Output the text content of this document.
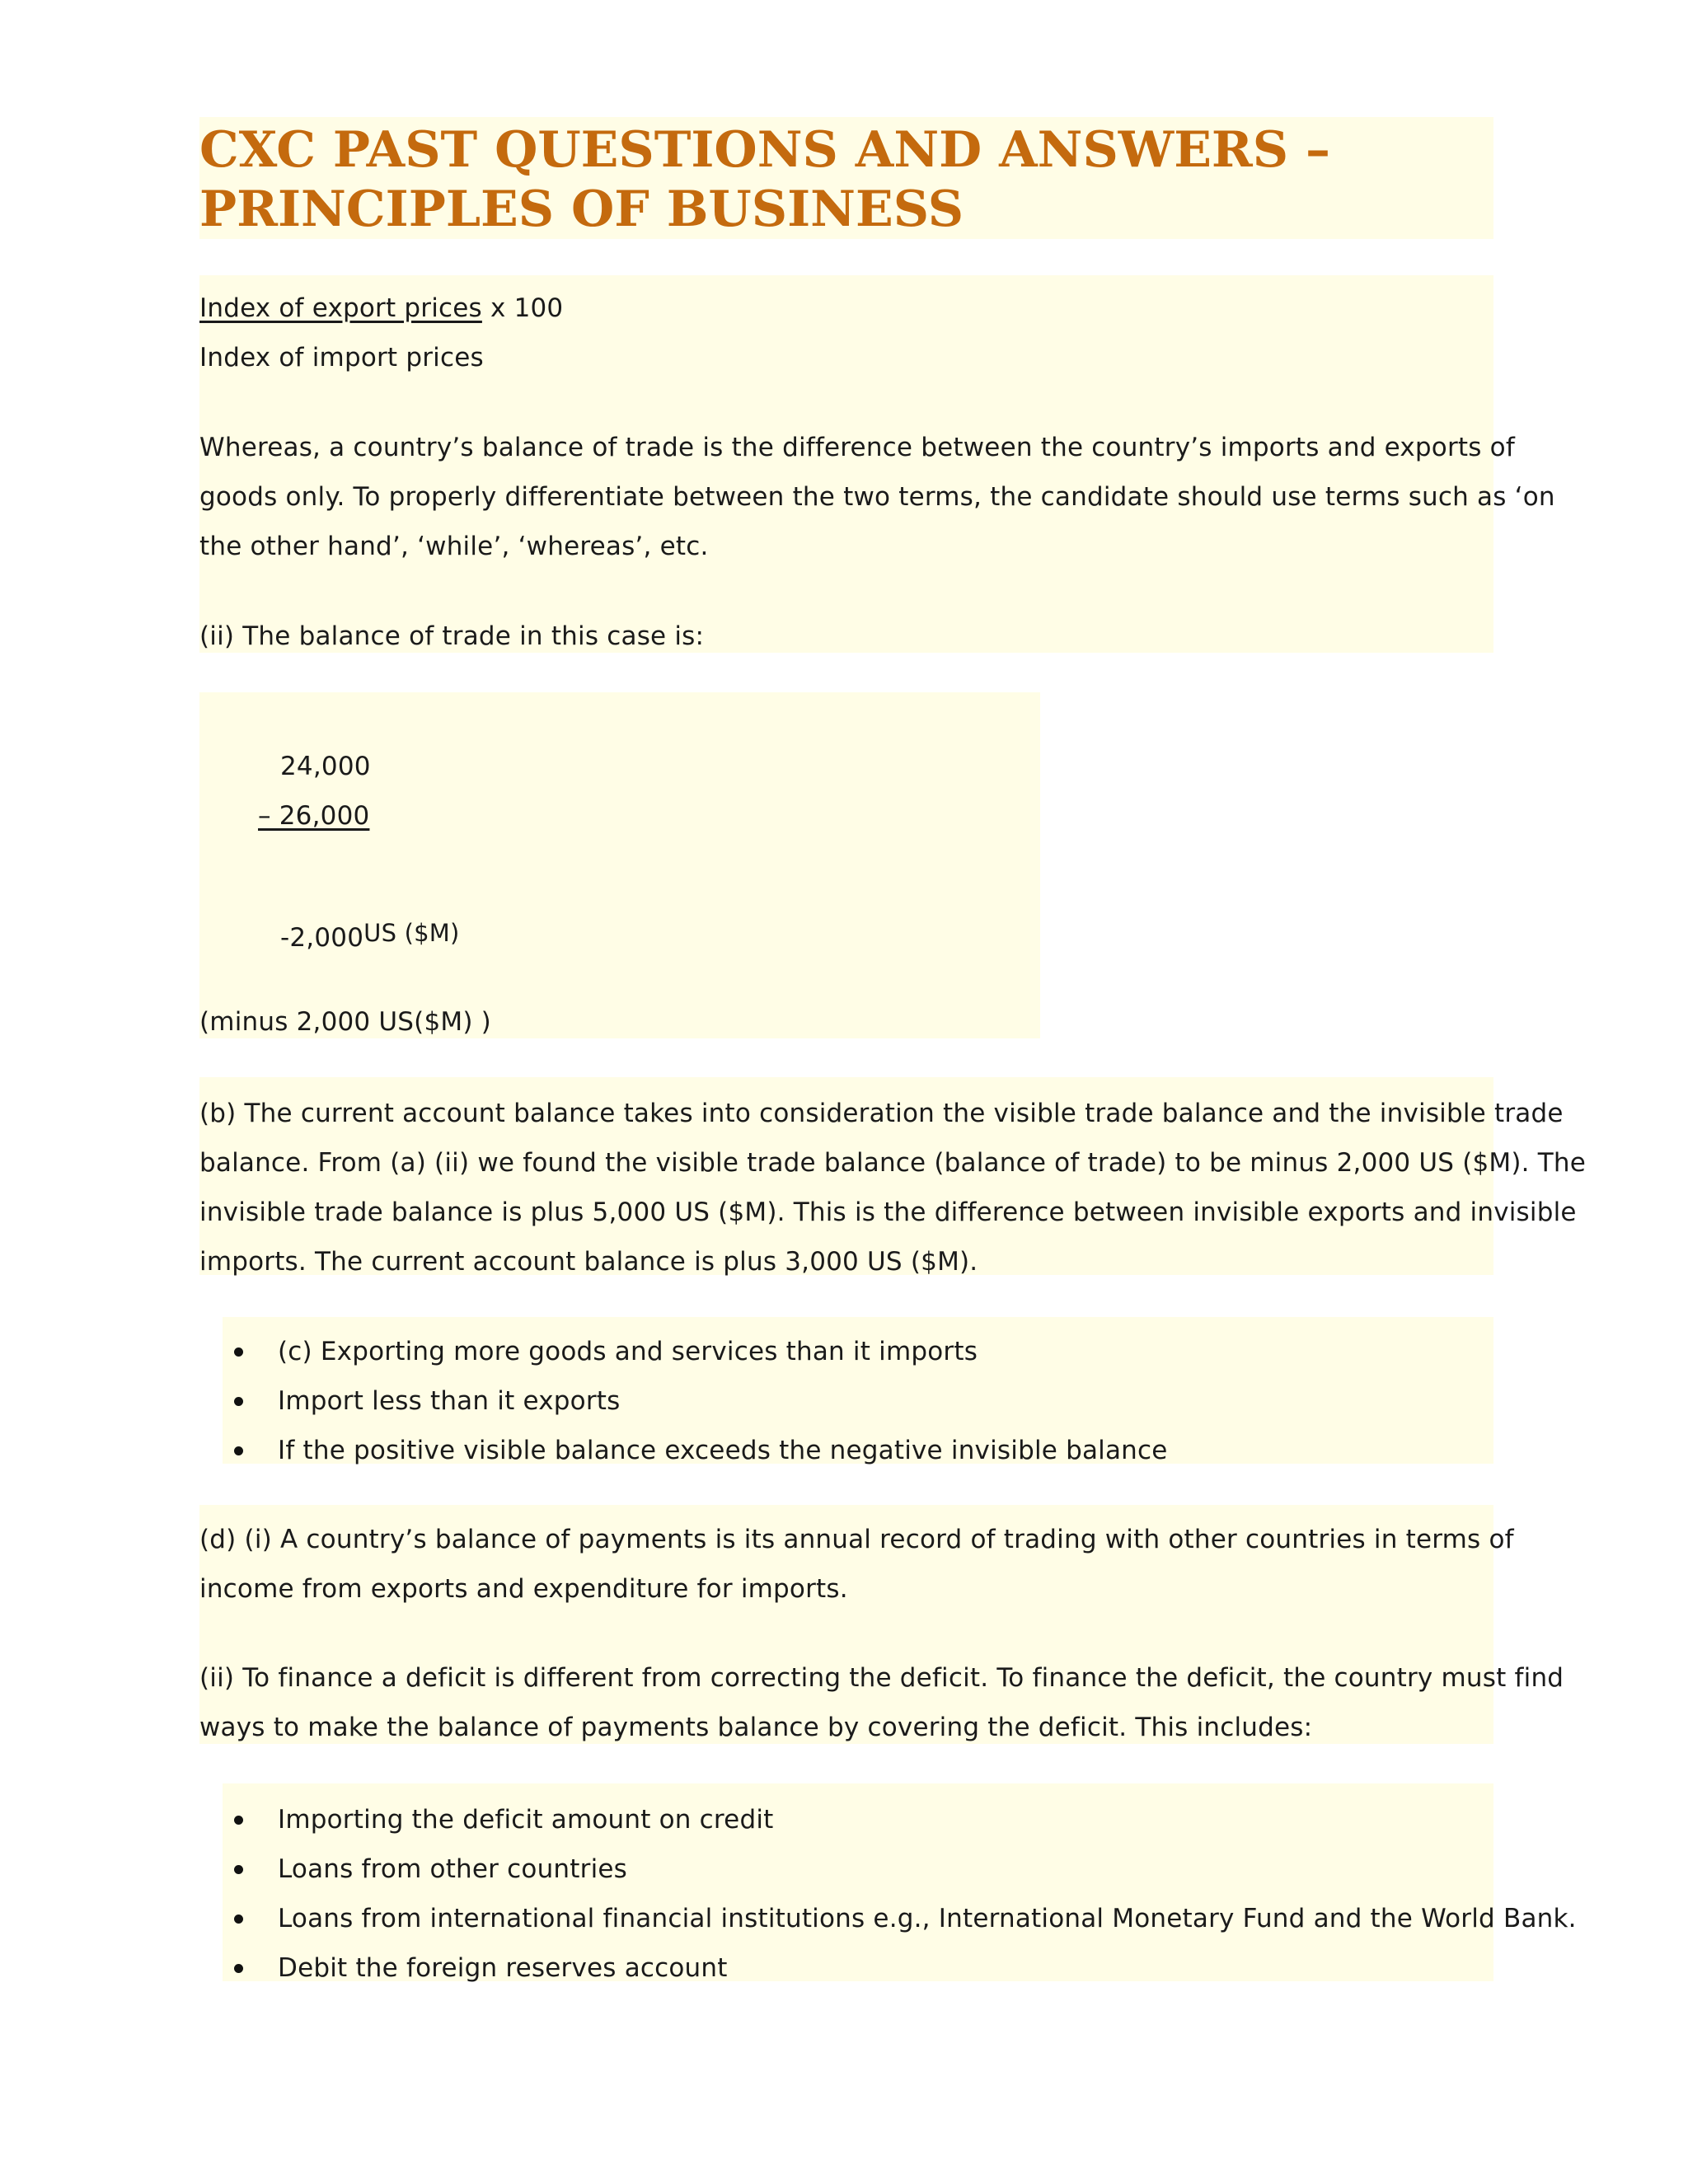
CXC PAST QUESTIONS AND ANSWERS –
PRINCIPLES OF BUSINESS
Index of export prices x 100
Index of import prices
Whereas, a country’s balance of trade is the difference between the country’s imports and exports of
goods only. To properly differentiate between the two terms, the candidate should use terms such as ‘on
the other hand’, ‘while’, ‘whereas’, etc.
(ii) The balance of trade in this case is:
24,000
– 26,000
-2,000US ($M)
(minus 2,000 US($M) )
(b) The current account balance takes into consideration the visible trade balance and the invisible trade
balance. From (a) (ii) we found the visible trade balance (balance of trade) to be minus 2,000 US ($M). The
invisible trade balance is plus 5,000 US ($M). This is the difference between invisible exports and invisible
imports. The current account balance is plus 3,000 US ($M).
(c) Exporting more goods and services than it imports
Import less than it exports
If the positive visible balance exceeds the negative invisible balance
(d) (i) A country’s balance of payments is its annual record of trading with other countries in terms of
income from exports and expenditure for imports.
(ii) To finance a deficit is different from correcting the deficit. To finance the deficit, the country must find
ways to make the balance of payments balance by covering the deficit. This includes:
Importing the deficit amount on credit
Loans from other countries
Loans from international financial institutions e.g., International Monetary Fund and the World Bank.
Debit the foreign reserves account
